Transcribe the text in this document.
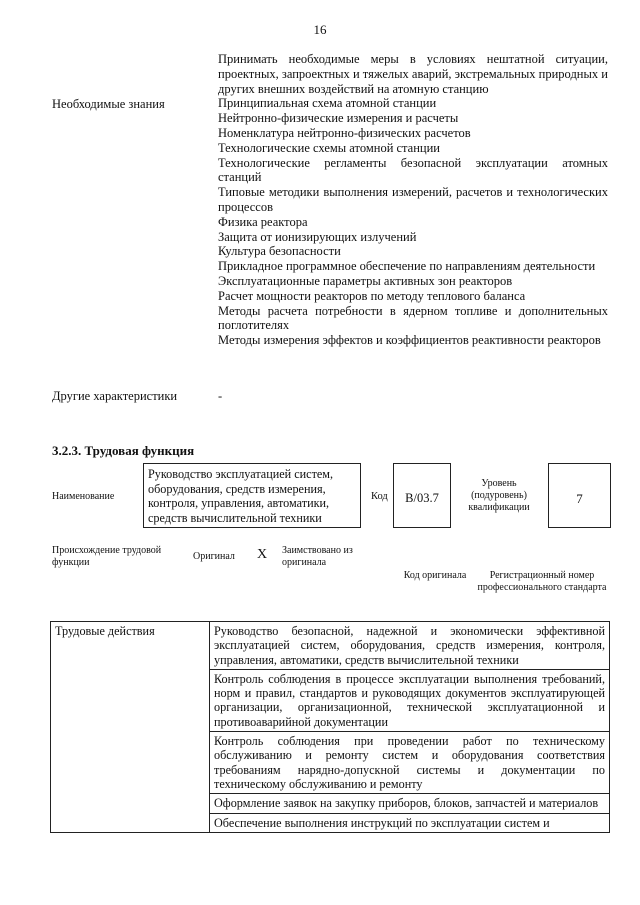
16
Необходимые знания

Принимать необходимые меры в условиях нештатной ситуации, проектных, запроектных и тяжелых аварий, экстремальных природных и других внешних воздействий на атомную станцию

Принципиальная схема атомной станции

Нейтронно-физические измерения и расчеты

Номенклатура нейтронно-физических расчетов

Технологические схемы атомной станции

Технологические регламенты безопасной эксплуатации атомных станций

Типовые методики выполнения измерений, расчетов и технологических процессов

Физика реактора

Защита от ионизирующих излучений

Культура безопасности

Прикладное программное обеспечение по направлениям деятельности

Эксплуатационные параметры активных зон реакторов

Расчет мощности реакторов по методу теплового баланса

Методы расчета потребности в ядерном топливе и дополнительных поглотителях

Методы измерения эффектов и коэффициентов реактивности реакторов

Другие характеристики	-
3.2.3. Трудовая функция
Наименование
Руководство эксплуатацией систем, оборудования, средств измерения, контроля, управления, автоматики, средств вычислительной техники
Код	B/03.7
Уровень (подуровень) квалификации
7
Происхождение трудовой функции
Оригинал X Заимствовано из оригинала
Код оригинала	Регистрационный номер профессионального стандарта
Трудовые действия	Руководство безопасной, надежной и экономически эффективной эксплуатацией систем, оборудования, средств измерения, контроля, управления, автоматики, средств вычислительной техники
Контроль соблюдения в процессе эксплуатации выполнения требований, норм и правил, стандартов и руководящих документов эксплуатирующей организации, организационной, технической эксплуатационной и противоаварийной документации
Контроль соблюдения при проведении работ по техническому обслуживанию и ремонту систем и оборудования соответствия требованиям нарядно-допускной системы и документации по техническому обслуживанию и ремонту
Оформление заявок на закупку приборов, блоков, запчастей и материалов
Обеспечение выполнения инструкций по эксплуатации систем и
